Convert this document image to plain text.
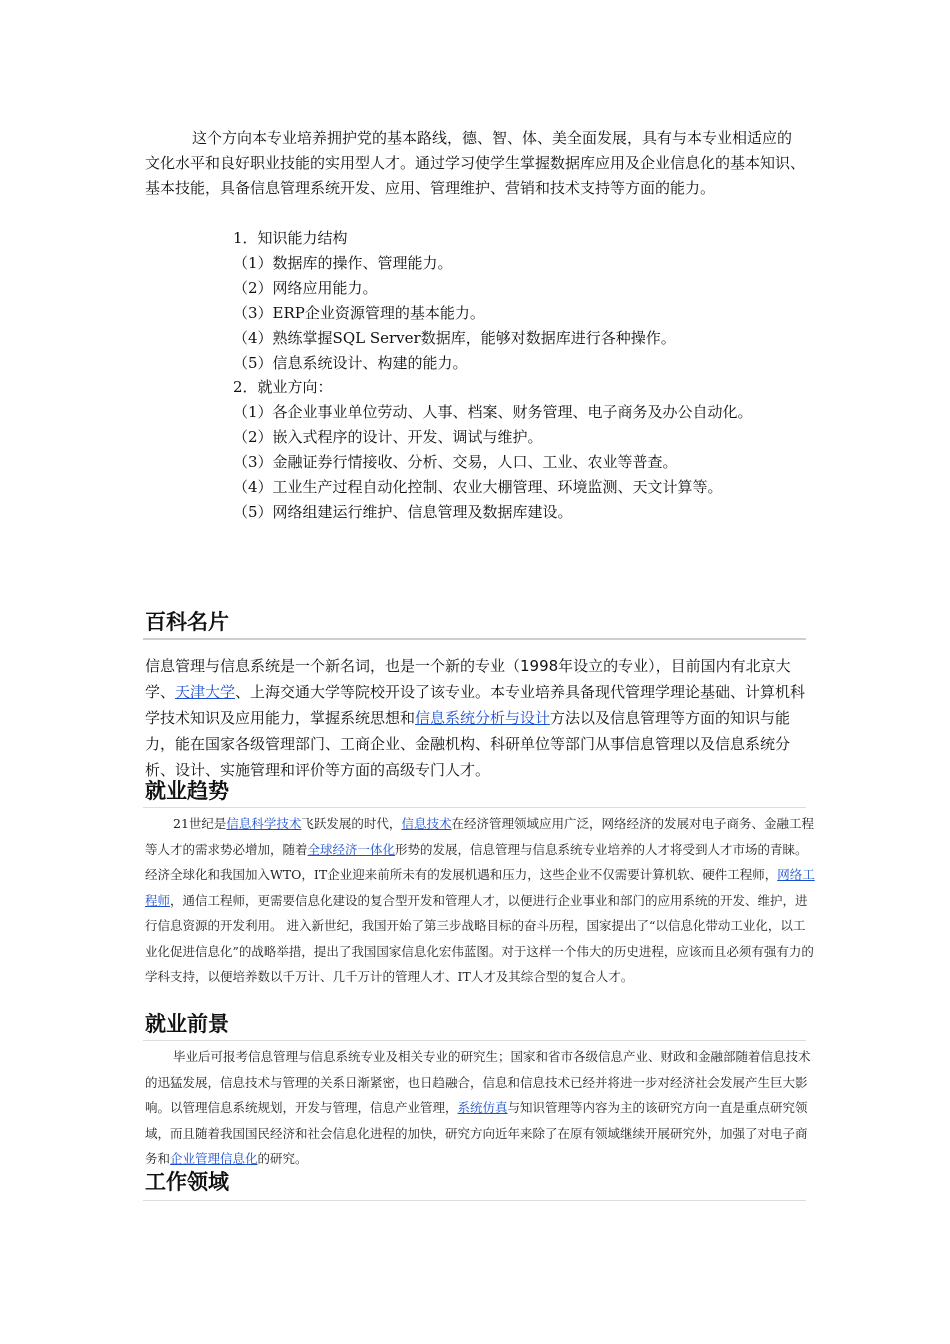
这个方向本专业培养拥护党的基本路线，德、智、体、美全面发展，具有与本专业相适应的文化水平和良好职业技能的实用型人才。通过学习使学生掌握数据库应用及企业信息化的基本知识、基本技能，具备信息管理系统开发、应用、管理维护、营销和技术支持等方面的能力。

1．知识能力结构
（1）数据库的操作、管理能力。
（2）网络应用能力。
（3）ERP企业资源管理的基本能力。
（4）熟练掌握SQL Server数据库，能够对数据库进行各种操作。
（5）信息系统设计、构建的能力。
2．就业方向：
（1）各企业事业单位劳动、人事、档案、财务管理、电子商务及办公自动化。
（2）嵌入式程序的设计、开发、调试与维护。
（3）金融证券行情接收、分析、交易，人口、工业、农业等普查。
（4）工业生产过程自动化控制、农业大棚管理、环境监测、天文计算等。
（5）网络组建运行维护、信息管理及数据库建设。
百科名片

信息管理与信息系统是一个新名词，也是一个新的专业（1998年设立的专业），目前国内有北京大学、天津大学、上海交通大学等院校开设了该专业。本专业培养具备现代管理学理论基础、计算机科学技术知识及应用能力，掌握系统思想和信息系统分析与设计方法以及信息管理等方面的知识与能力，能在国家各级管理部门、工商企业、金融机构、科研单位等部门从事信息管理以及信息系统分析、设计、实施管理和评价等方面的高级专门人才。

就业趋势

21世纪是信息科学技术飞跃发展的时代，信息技术在经济管理领域应用广泛，网络经济的发展对电子商务、金融工程等人才的需求势必增加，随着全球经济一体化形势的发展，信息管理与信息系统专业培养的人才将受到人才市场的青睐。 经济全球化和我国加入WTO，IT企业迎来前所未有的发展机遇和压力，这些企业不仅需要计算机软、硬件工程师，网络工程师，通信工程师，更需要信息化建设的复合型开发和管理人才，以便进行企业事业和部门的应用系统的开发、维护，进行信息资源的开发利用。 进入新世纪，我国开始了第三步战略目标的奋斗历程，国家提出了“以信息化带动工业化，以工业化促进信息化”的战略举措，提出了我国国家信息化宏伟蓝图。对于这样一个伟大的历史进程，应该而且必须有强有力的学科支持，以便培养数以千万计、几千万计的管理人才、IT人才及其综合型的复合人才。

就业前景

毕业后可报考信息管理与信息系统专业及相关专业的研究生；国家和省市各级信息产业、财政和金融部随着信息技术的迅猛发展，信息技术与管理的关系日渐紧密，也日趋融合，信息和信息技术已经并将进一步对经济社会发展产生巨大影响。以管理信息系统规划，开发与管理，信息产业管理，系统仿真与知识管理等内容为主的该研究方向一直是重点研究领域，而且随着我国国民经济和社会信息化进程的加快，研究方向近年来除了在原有领域继续开展研究外，加强了对电子商务和企业管理信息化的研究。

工作领域
